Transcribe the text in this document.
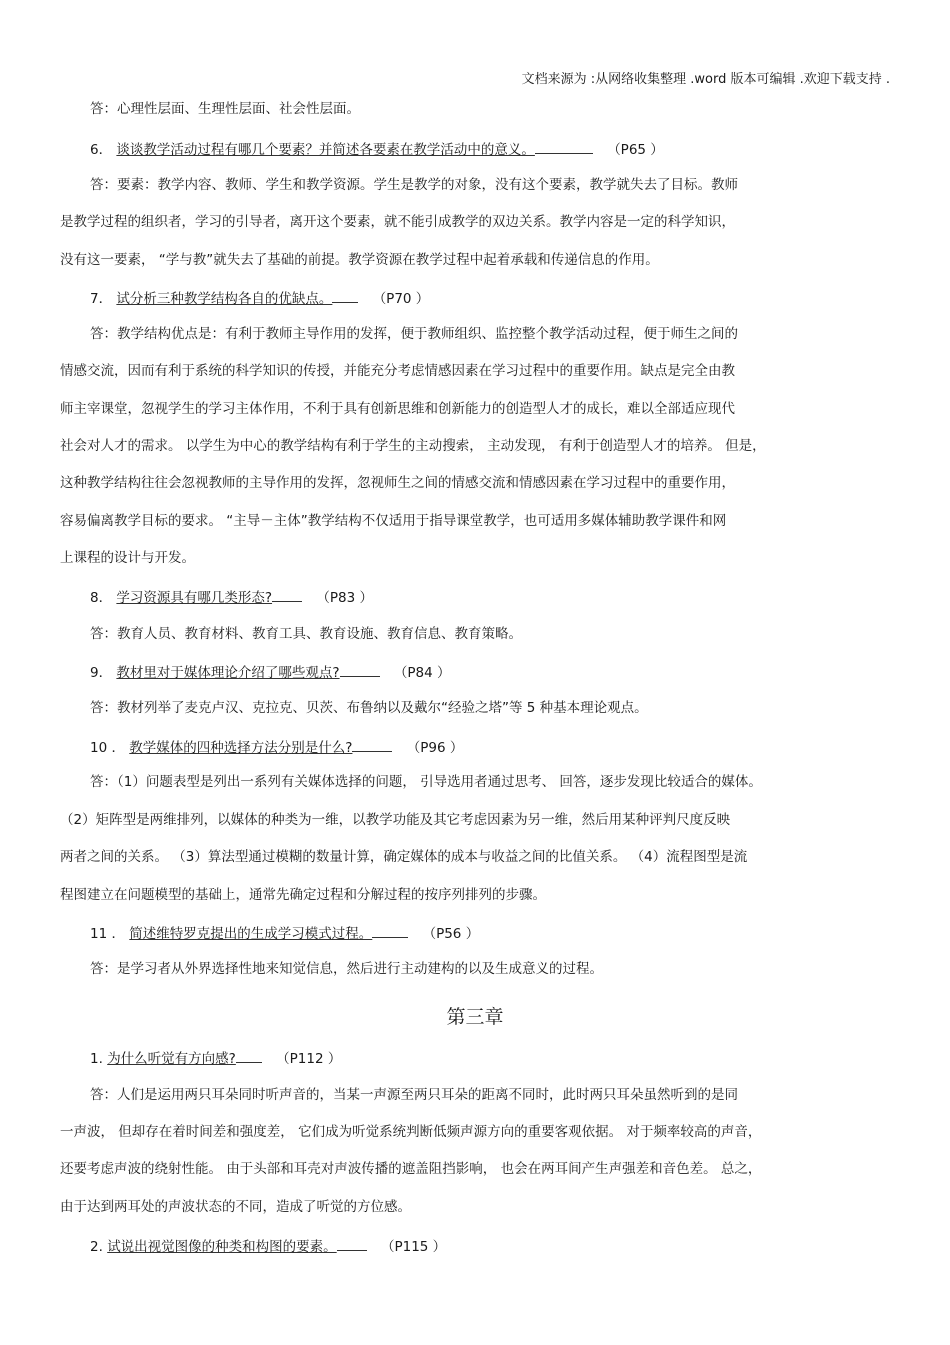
文档来源为 :从网络收集整理 .word 版本可编辑 .欢迎下载支持 .
答：心理性层面、生理性层面、社会性层面。
6． 谈谈教学活动过程有哪几个要素？并简述各要素在教学活动中的意义。	（P65 ）
答：要素：教学内容、教师、学生和教学资源。学生是教学的对象，没有这个要素，教学就失去了目标。教师
是教学过程的组织者，学习的引导者，离开这个要素，就不能引成教学的双边关系。教学内容是一定的科学知识，
没有这一要素， “学与教”就失去了基础的前提。教学资源在教学过程中起着承载和传递信息的作用。
7． 试分析三种教学结构各自的优缺点。	（P70 ）
答：教学结构优点是：有利于教师主导作用的发挥，便于教师组织、监控整个教学活动过程，便于师生之间的
情感交流，因而有利于系统的科学知识的传授，并能充分考虑情感因素在学习过程中的重要作用。缺点是完全由教
师主宰课堂，忽视学生的学习主体作用，不利于具有创新思维和创新能力的创造型人才的成长，难以全部适应现代
社会对人才的需求。 以学生为中心的教学结构有利于学生的主动搜索， 主动发现， 有利于创造型人才的培养。 但是，
这种教学结构往往会忽视教师的主导作用的发挥，忽视师生之间的情感交流和情感因素在学习过程中的重要作用，
容易偏离教学目标的要求。 “主导－主体”教学结构不仅适用于指导课堂教学，也可适用多媒体辅助教学课件和网
上课程的设计与开发。
8． 学习资源具有哪几类形态?	（P83 ）
答：教育人员、教育材料、教育工具、教育设施、教育信息、教育策略。
9． 教材里对于媒体理论介绍了哪些观点?	（P84 ）
答：教材列举了麦克卢汉、克拉克、贝茨、布鲁纳以及戴尔“经验之塔”等 5 种基本理论观点。
10 ． 教学媒体的四种选择方法分别是什么?	（P96 ）
答：（1）问题表型是列出一系列有关媒体选择的问题， 引导选用者通过思考、 回答，逐步发现比较适合的媒体。
（2）矩阵型是两维排列，以媒体的种类为一维，以教学功能及其它考虑因素为另一维，然后用某种评判尺度反映
两者之间的关系。 （3）算法型通过模糊的数量计算，确定媒体的成本与收益之间的比值关系。 （4）流程图型是流
程图建立在问题模型的基础上，通常先确定过程和分解过程的按序列排列的步骤。
11 ． 简述维特罗克提出的生成学习模式过程。	（P56 ）
答：是学习者从外界选择性地来知觉信息，然后进行主动建构的以及生成意义的过程。
第三章
1. 为什么听觉有方向感?	（P112 ）
答：人们是运用两只耳朵同时听声音的，当某一声源至两只耳朵的距离不同时，此时两只耳朵虽然听到的是同
一声波， 但却存在着时间差和强度差， 它们成为听觉系统判断低频声源方向的重要客观依据。 对于频率较高的声音，
还要考虑声波的绕射性能。 由于头部和耳壳对声波传播的遮盖阻挡影响， 也会在两耳间产生声强差和音色差。 总之，
由于达到两耳处的声波状态的不同，造成了听觉的方位感。
2. 试说出视觉图像的种类和构图的要素。	（P115 ）
